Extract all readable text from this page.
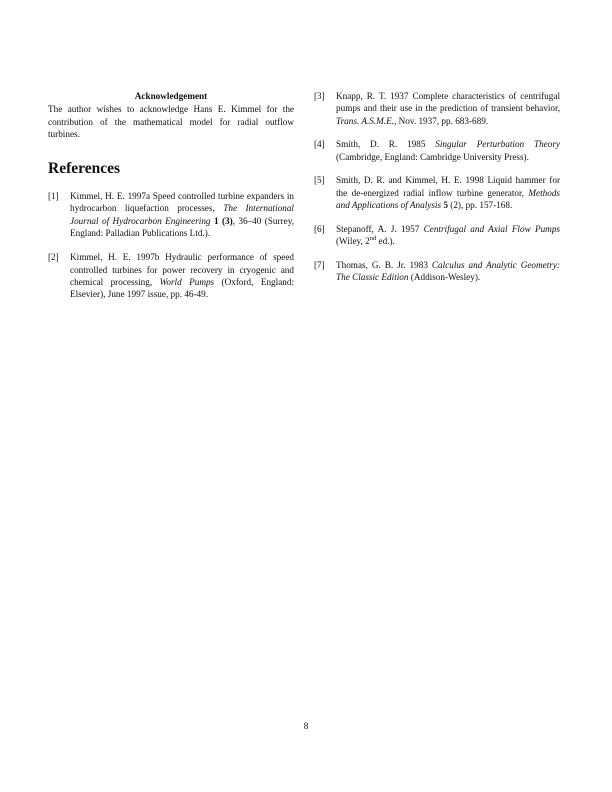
Acknowledgement

The author wishes to acknowledge Hans E. Kimmel for the contribution of the mathematical model for radial outflow turbines.

References
[1] Kimmel, H. E. 1997a Speed controlled turbine expanders in hydrocarbon liquefaction processes, The International Journal of Hydrocarbon Engineering 1 (3), 36–40 (Surrey, England: Palladian Publications Ltd.).
[2] Kimmel, H. E. 1997b Hydraulic performance of speed controlled turbines for power recovery in cryogenic and chemical processing, World Pumps (Oxford, England: Elsevier), June 1997 issue, pp. 46-49.
[3] Knapp, R. T. 1937 Complete characteristics of centrifugal pumps and their use in the prediction of transient behavior, Trans. A.S.M.E., Nov. 1937, pp. 683-689.
[4] Smith, D. R. 1985 Singular Perturbation Theory (Cambridge, England: Cambridge University Press).
[5] Smith, D. R. and Kimmel, H. E. 1998 Liquid hammer for the de-energized radial inflow turbine generator, Methods and Applications of Analysis 5 (2), pp. 157-168.
[6] Stepanoff, A. J. 1957 Centrifugal and Axial Flow Pumps (Wiley, 2nd ed.).
[7] Thomas, G. B. Jr. 1983 Calculus and Analytic Geometry: The Classic Edition (Addison-Wesley).
8
